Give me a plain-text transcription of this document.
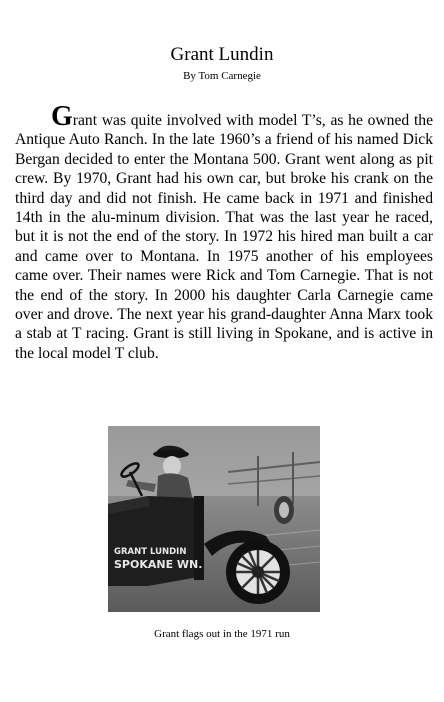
Grant Lundin
By Tom Carnegie

Grant was quite involved with model T’s, as he owned the Antique Auto Ranch. In the late 1960’s a friend of his named Dick Bergan decided to enter the Montana 500. Grant went along as pit crew. By 1970, Grant had his own car, but broke his crank on the third day and did not finish. He came back in 1971 and finished 14th in the alu-minum division. That was the last year he raced, but it is not the end of the story. In 1972 his hired man built a car and came over to Montana. In 1975 another of his employees came over. Their names were Rick and Tom Carnegie. That is not the end of the story. In 2000 his daughter Carla Carnegie came over and drove. The next year his grand-daughter Anna Marx took a stab at T racing. Grant is still living in Spokane, and is active in the local model T club.

GRANT LUNDIN
SPOKANE WN.
Grant flags out in the 1971 run
